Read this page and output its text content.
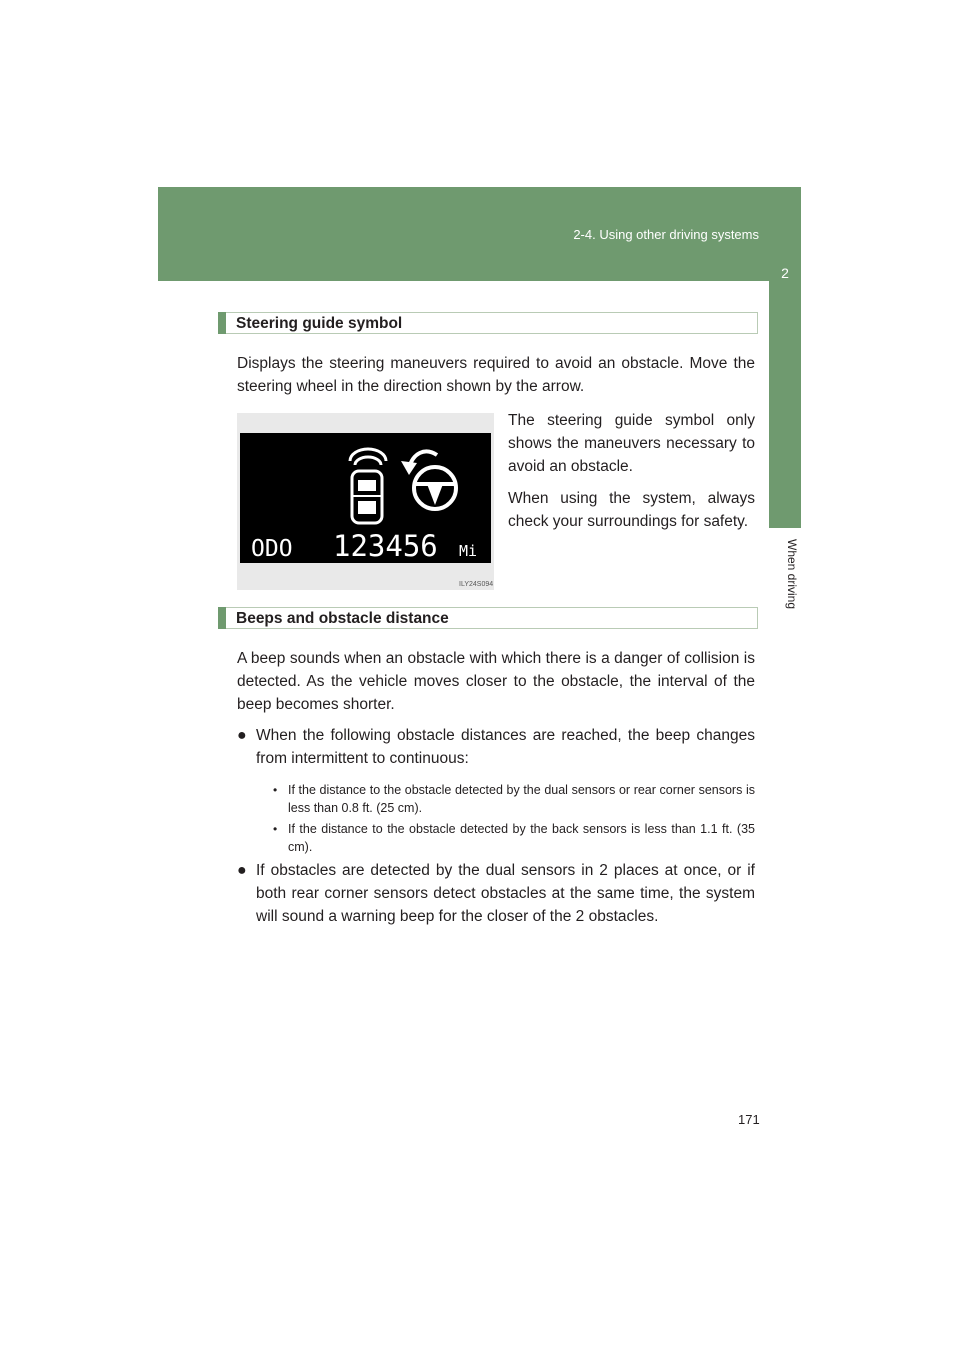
2-4. Using other driving systems
2
When driving
Steering guide symbol

Displays the steering maneuvers required to avoid an obstacle. Move the steering wheel in the direction shown by the arrow.

ODO 123456 Mi
ILY24S094

The steering guide symbol only shows the maneuvers necessary to avoid an obstacle.

When using the system, always check your surroundings for safety.

Beeps and obstacle distance

A beep sounds when an obstacle with which there is a danger of collision is detected. As the vehicle moves closer to the obstacle, the interval of the beep becomes shorter.

● When the following obstacle distances are reached, the beep changes from intermittent to continuous:

• If the distance to the obstacle detected by the dual sensors or rear corner sensors is less than 0.8 ft. (25 cm).

• If the distance to the obstacle detected by the back sensors is less than 1.1 ft. (35 cm).

● If obstacles are detected by the dual sensors in 2 places at once, or if both rear corner sensors detect obstacles at the same time, the system will sound a warning beep for the closer of the 2 obstacles.

171
